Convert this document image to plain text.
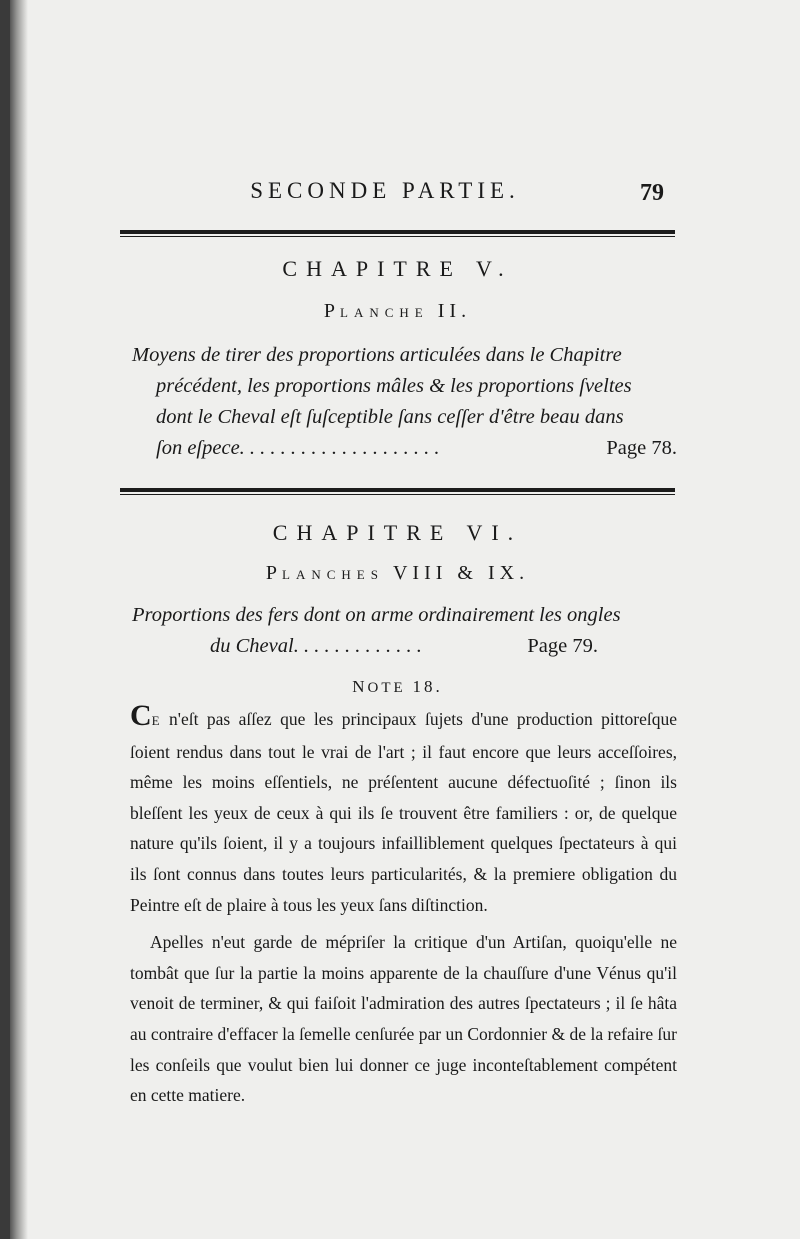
SECONDE PARTIE.	79
CHAPITRE V.
PLANCHE II.
Moyens de tirer des proportions articulées dans le Chapitre
précédent, les proportions mâles & les proportions ſveltes
dont le Cheval eſt ſuſceptible ſans ceſſer d'être beau dans
ſon eſpece. . . . . . . . . . . . . . . . . . . .	Page 78.
CHAPITRE VI.
PLANCHES VIII & IX.
Proportions des fers dont on arme ordinairement les ongles
du Cheval. . . . . . . . . . . . .	Page 79.
NOTE 18.

CE n'eſt pas aſſez que les principaux ſujets d'une production pittoreſque ſoient rendus dans tout le vrai de l'art ; il faut encore que leurs acceſſoires, même les moins eſſentiels, ne préſentent aucune défectuoſité ; ſinon ils bleſſent les yeux de ceux à qui ils ſe trouvent être familiers : or, de quelque nature qu'ils ſoient, il y a toujours infailliblement quelques ſpectateurs à qui ils ſont connus dans toutes leurs particularités, & la premiere obligation du Peintre eſt de plaire à tous les yeux ſans diſtinction.

Apelles n'eut garde de mépriſer la critique d'un Artiſan, quoiqu'elle ne tombât que ſur la partie la moins apparente de la chauſſure d'une Vénus qu'il venoit de terminer, & qui faiſoit l'admiration des autres ſpectateurs ; il ſe hâta au contraire d'effacer la ſemelle cenſurée par un Cordonnier & de la refaire ſur les conſeils que voulut bien lui donner ce juge inconteſtablement compétent en cette matiere.
